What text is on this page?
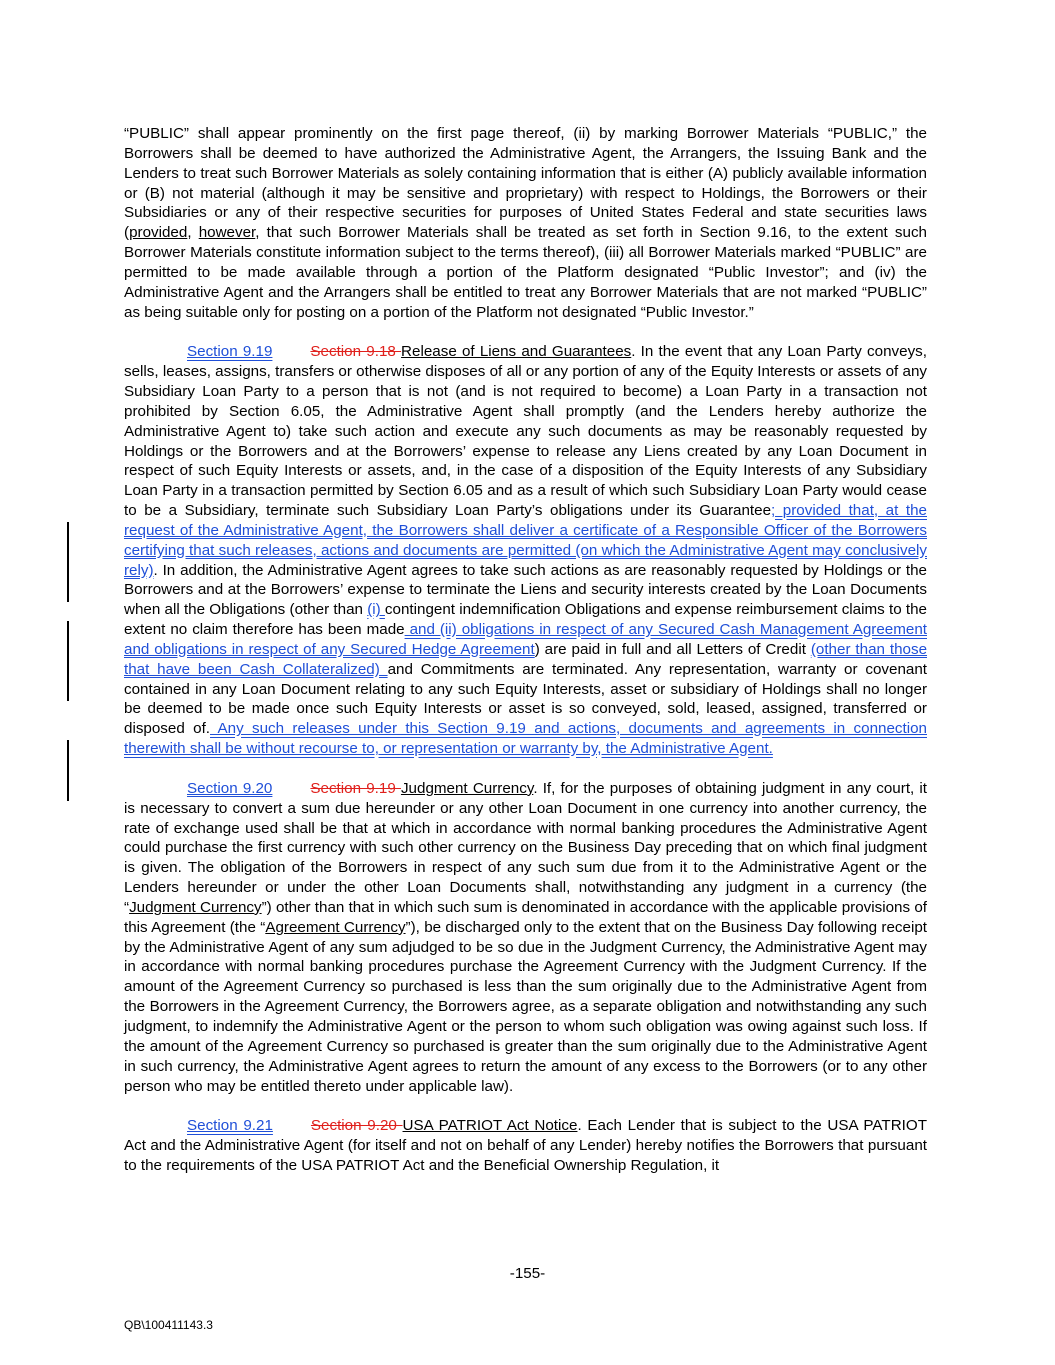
“PUBLIC” shall appear prominently on the first page thereof, (ii) by marking Borrower Materials “PUBLIC,” the Borrowers shall be deemed to have authorized the Administrative Agent, the Arrangers, the Issuing Bank and the Lenders to treat such Borrower Materials as solely containing information that is either (A) publicly available information or (B) not material (although it may be sensitive and proprietary) with respect to Holdings, the Borrowers or their Subsidiaries or any of their respective securities for purposes of United States Federal and state securities laws (provided, however, that such Borrower Materials shall be treated as set forth in Section 9.16, to the extent such Borrower Materials constitute information subject to the terms thereof), (iii) all Borrower Materials marked “PUBLIC” are permitted to be made available through a portion of the Platform designated “Public Investor”; and (iv) the Administrative Agent and the Arrangers shall be entitled to treat any Borrower Materials that are not marked “PUBLIC” as being suitable only for posting on a portion of the Platform not designated “Public Investor.”

Section 9.19	Section 9.18 Release of Liens and Guarantees. In the event that any Loan Party conveys, sells, leases, assigns, transfers or otherwise disposes of all or any portion of any of the Equity Interests or assets of any Subsidiary Loan Party to a person that is not (and is not required to become) a Loan Party in a transaction not prohibited by Section 6.05, the Administrative Agent shall promptly (and the Lenders hereby authorize the Administrative Agent to) take such action and execute any such documents as may be reasonably requested by Holdings or the Borrowers and at the Borrowers’ expense to release any Liens created by any Loan Document in respect of such Equity Interests or assets, and, in the case of a disposition of the Equity Interests of any Subsidiary Loan Party in a transaction permitted by Section 6.05 and as a result of which such Subsidiary Loan Party would cease to be a Subsidiary, terminate such Subsidiary Loan Party’s obligations under its Guarantee; provided that, at the request of the Administrative Agent, the Borrowers shall deliver a certificate of a Responsible Officer of the Borrowers certifying that such releases, actions and documents are permitted (on which the Administrative Agent may conclusively rely). In addition, the Administrative Agent agrees to take such actions as are reasonably requested by Holdings or the Borrowers and at the Borrowers’ expense to terminate the Liens and security interests created by the Loan Documents when all the Obligations (other than (i) contingent indemnification Obligations and expense reimbursement claims to the extent no claim therefore has been made and (ii) obligations in respect of any Secured Cash Management Agreement and obligations in respect of any Secured Hedge Agreement) are paid in full and all Letters of Credit (other than those that have been Cash Collateralized) and Commitments are terminated. Any representation, warranty or covenant contained in any Loan Document relating to any such Equity Interests, asset or subsidiary of Holdings shall no longer be deemed to be made once such Equity Interests or asset is so conveyed, sold, leased, assigned, transferred or disposed of. Any such releases under this Section 9.19 and actions, documents and agreements in connection therewith shall be without recourse to, or representation or warranty by, the Administrative Agent.

Section 9.20	Section 9.19 Judgment Currency. If, for the purposes of obtaining judgment in any court, it is necessary to convert a sum due hereunder or any other Loan Document in one currency into another currency, the rate of exchange used shall be that at which in accordance with normal banking procedures the Administrative Agent could purchase the first currency with such other currency on the Business Day preceding that on which final judgment is given. The obligation of the Borrowers in respect of any such sum due from it to the Administrative Agent or the Lenders hereunder or under the other Loan Documents shall, notwithstanding any judgment in a currency (the “Judgment Currency”) other than that in which such sum is denominated in accordance with the applicable provisions of this Agreement (the “Agreement Currency”), be discharged only to the extent that on the Business Day following receipt by the Administrative Agent of any sum adjudged to be so due in the Judgment Currency, the Administrative Agent may in accordance with normal banking procedures purchase the Agreement Currency with the Judgment Currency. If the amount of the Agreement Currency so purchased is less than the sum originally due to the Administrative Agent from the Borrowers in the Agreement Currency, the Borrowers agree, as a separate obligation and notwithstanding any such judgment, to indemnify the Administrative Agent or the person to whom such obligation was owing against such loss. If the amount of the Agreement Currency so purchased is greater than the sum originally due to the Administrative Agent in such currency, the Administrative Agent agrees to return the amount of any excess to the Borrowers (or to any other person who may be entitled thereto under applicable law).

Section 9.21	Section 9.20 USA PATRIOT Act Notice. Each Lender that is subject to the USA PATRIOT Act and the Administrative Agent (for itself and not on behalf of any Lender) hereby notifies the Borrowers that pursuant to the requirements of the USA PATRIOT Act and the Beneficial Ownership Regulation, it

-155-
QB\100411143.3
